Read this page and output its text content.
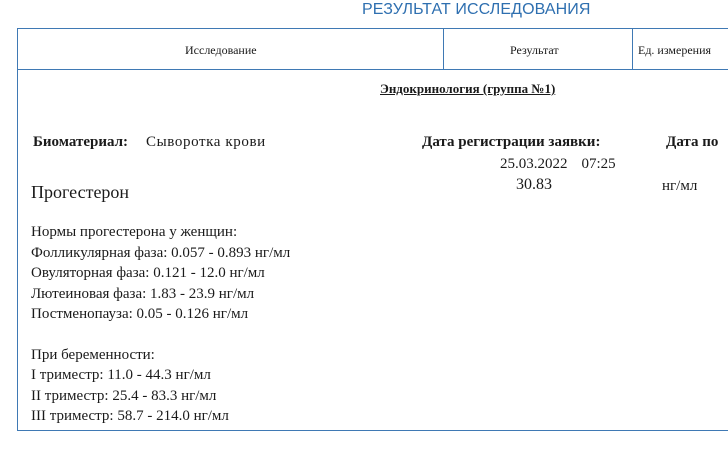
РЕЗУЛЬТАТ ИССЛЕДОВАНИЯ
Исследование	Результат	Ед. измерения
Эндокринология (группа №1)
Биоматериал: Сыворотка крови	Дата регистрации заявки:	Дата по
25.03.2022 07:25
Прогестерон	30.83	нг/мл
Нормы прогестерона у женщин:
Фолликулярная фаза: 0.057 - 0.893 нг/мл
Овуляторная фаза: 0.121 - 12.0 нг/мл
Лютеиновая фаза: 1.83 - 23.9 нг/мл
Постменопауза: 0.05 - 0.126 нг/мл
При беременности:
I триместр: 11.0 - 44.3 нг/мл
II триместр: 25.4 - 83.3 нг/мл
III триместр: 58.7 - 214.0 нг/мл
